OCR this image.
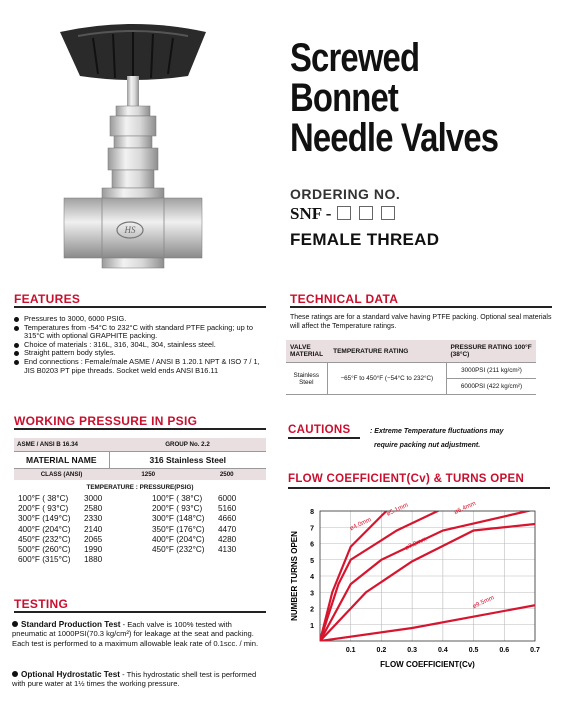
HS
Screwed
Bonnet
Needle Valves
ORDERING NO.
SNF -
FEMALE THREAD
FEATURES
Pressures to 3000, 6000 PSIG.
Temperatures from -54°C to 232°C with standard PTFE packing; up to 315°C with optional GRAPHITE packing.
Choice of materials : 316L, 316, 304L, 304, stainless steel.
Straight pattern body styles.
End connections : Female/male ASME / ANSI B 1.20.1 NPT & ISO 7 / 1, JIS B0203 PT pipe threads. Socket weld ends ANSI B16.11
TECHNICAL DATA
These ratings are for a standard valve having PTFE packing. Optional seal materials will affect the Temperature ratings.
VALVE MATERIAL	TEMPERATURE RATING	PRESSURE RATING 100°F (38°C)
Stainless Steel	−65°F to 450°F (−54°C to 232°C)	3000PSI (211 kg/cm²)
		6000PSI (422 kg/cm²)
WORKING PRESSURE IN PSIG
ASME / ANSI B 16.34	GROUP No. 2.2	
MATERIAL NAME	316 Stainless Steel	
CLASS (ANSI)	1250	2500
TEMPERATURE : PRESSURE(PSIG)
100°F ( 38°C)	3000
200°F ( 93°C)	2580
300°F (149°C)	2330
400°F (204°C)	2140
450°F (232°C)	2065
500°F (260°C)	1990
600°F (315°C)	1880
100°F ( 38°C)	6000
200°F ( 93°C)	5160
300°F (148°C)	4660
350°F (176°C)	4470
400°F (204°C)	4280
450°F (232°C)	4130
CAUTIONS	: Extreme Temperature fluctuations may
require packing nut adjustment.
FLOW COEFFICIENT(Cv) & TURNS OPEN
1
2
3
4
5
6
7
8
0.1	0.2	0.3	0.4	0.5	0.6	0.7
FLOW COEFFICIENT(Cv)
NUMBER TURNS OPEN
ø4.0mm
ø5.1mm	ø6.4mm
ø7.9mm
ø9.5mm
TESTING
Standard Production Test - Each valve is 100% tested with pneumatic at 1000PSI(70.3 kg/cm²) for leakage at the seat and packing. Each test is performed to a maximum allowable leak rate of 0.1scc. / min.
Optional Hydrostatic Test - This hydrostatic shell test is performed with pure water at 1½ times the working pressure.
